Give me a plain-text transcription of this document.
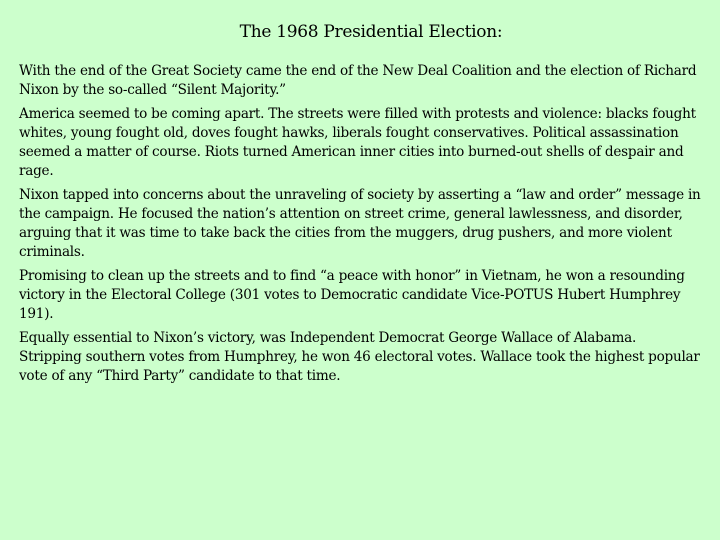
The 1968 Presidential Election:

With the end of the Great Society came the end of the New Deal Coalition and the election of Richard Nixon by the so-called “Silent Majority.”

America seemed to be coming apart. The streets were filled with protests and violence: blacks fought whites, young fought old, doves fought hawks, liberals fought conservatives. Political assassination seemed a matter of course. Riots turned American inner cities into burned-out shells of despair and rage.

Nixon tapped into concerns about the unraveling of society by asserting a “law and order” message in the campaign. He focused the nation’s attention on street crime, general lawlessness, and disorder, arguing that it was time to take back the cities from the muggers, drug pushers, and more violent criminals.

Promising to clean up the streets and to find “a peace with honor” in Vietnam, he won a resounding victory in the Electoral College (301 votes to Democratic candidate Vice-POTUS Hubert Humphrey 191).

Equally essential to Nixon’s victory, was Independent Democrat George Wallace of Alabama. Stripping southern votes from Humphrey, he won 46 electoral votes. Wallace took the highest popular vote of any “Third Party” candidate to that time.
